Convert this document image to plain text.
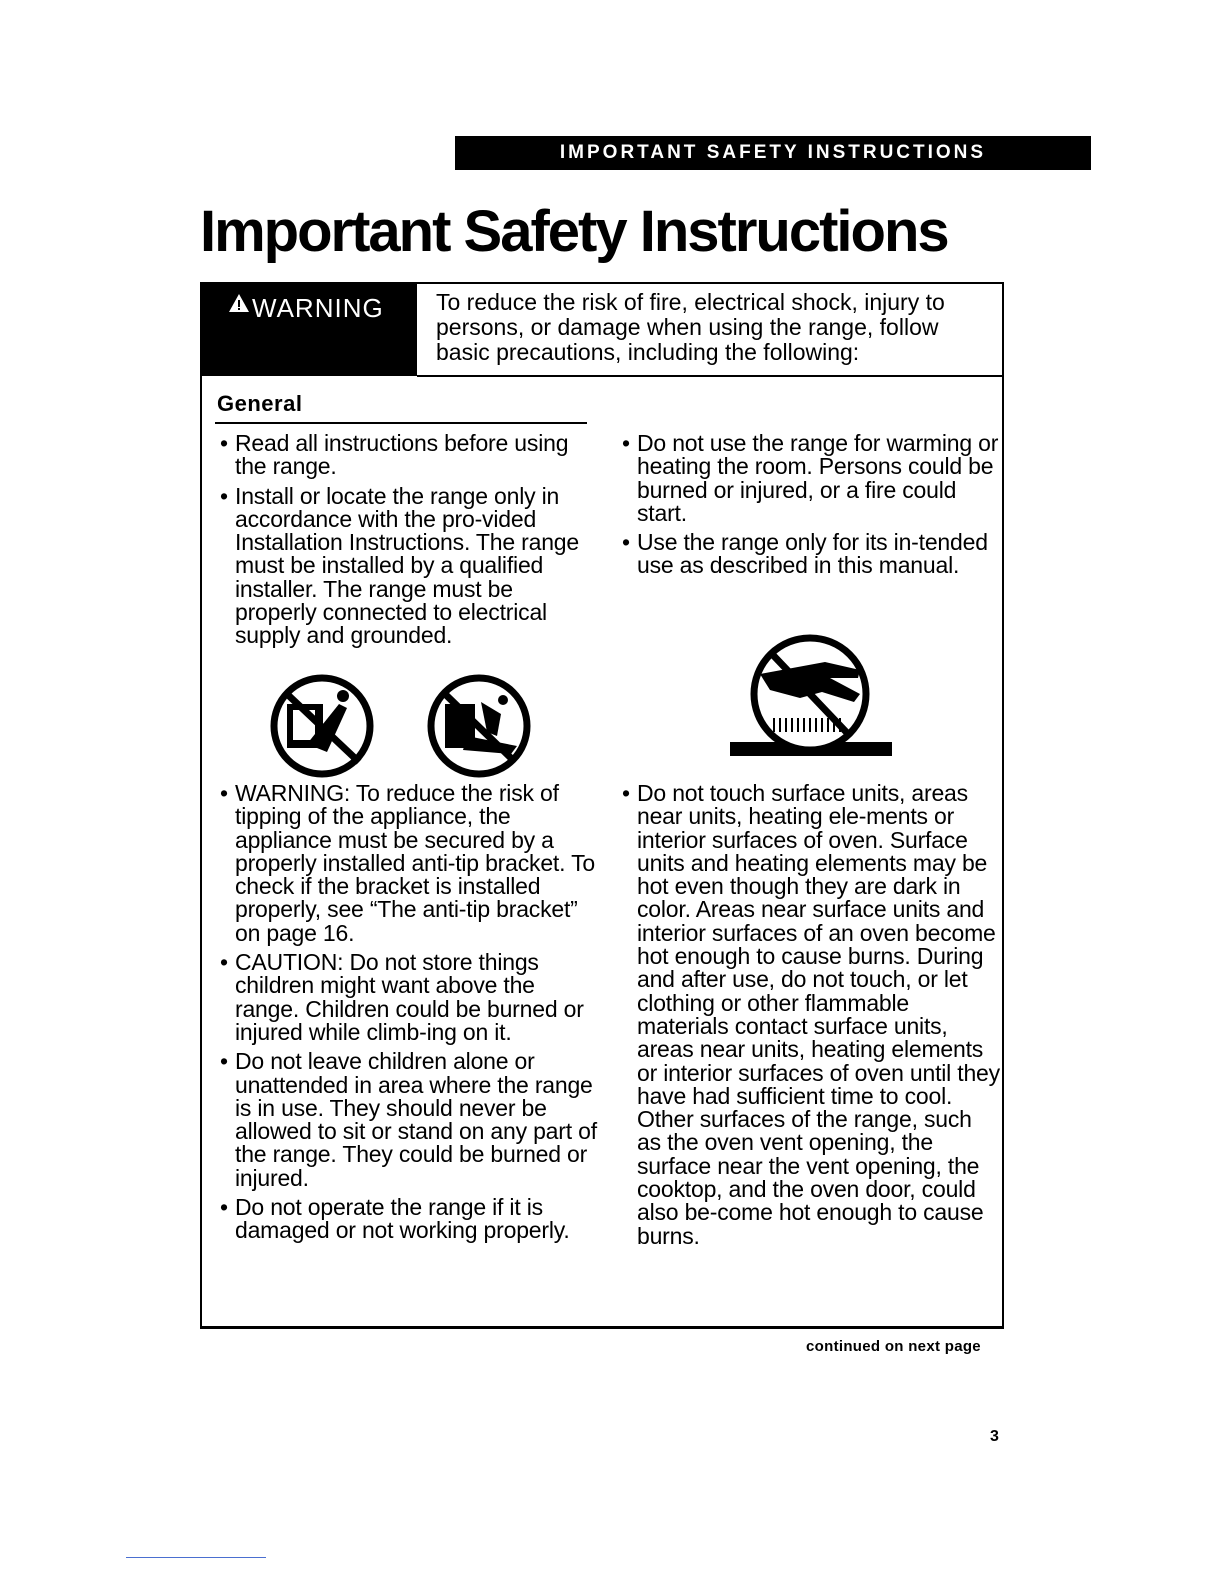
IMPORTANT SAFETY INSTRUCTIONS
Important Safety Instructions
WARNING To reduce the risk of fire, electrical shock, injury to persons, or damage when using the range, follow basic precautions, including the following:
General
• Read all instructions before using the range.
• Install or locate the range only in accordance with the pro-vided Installation Instructions. The range must be installed by a qualified installer. The range must be properly connected to electrical supply and grounded.
• Do not use the range for warming or heating the room. Persons could be burned or injured, or a fire could start.
• Use the range only for its in-tended use as described in this manual.
• WARNING: To reduce the risk of tipping of the appliance, the appliance must be secured by a properly installed anti-tip bracket. To check if the bracket is installed properly, see “The anti-tip bracket” on page 16.
• CAUTION: Do not store things children might want above the range. Children could be burned or injured while climb-ing on it.
• Do not leave children alone or unattended in area where the range is in use. They should never be allowed to sit or stand on any part of the range. They could be burned or injured.
• Do not operate the range if it is damaged or not working properly.
• Do not touch surface units, areas near units, heating ele-ments or interior surfaces of oven. Surface units and heating elements may be hot even though they are dark in color. Areas near surface units and interior surfaces of an oven become hot enough to cause burns. During and after use, do not touch, or let clothing or other flammable materials contact surface units, areas near units, heating elements or interior surfaces of oven until they have had sufficient time to cool. Other surfaces of the range, such as the oven vent opening, the surface near the vent opening, the cooktop, and the oven door, could also be-come hot enough to cause burns.
continued on next page
3
